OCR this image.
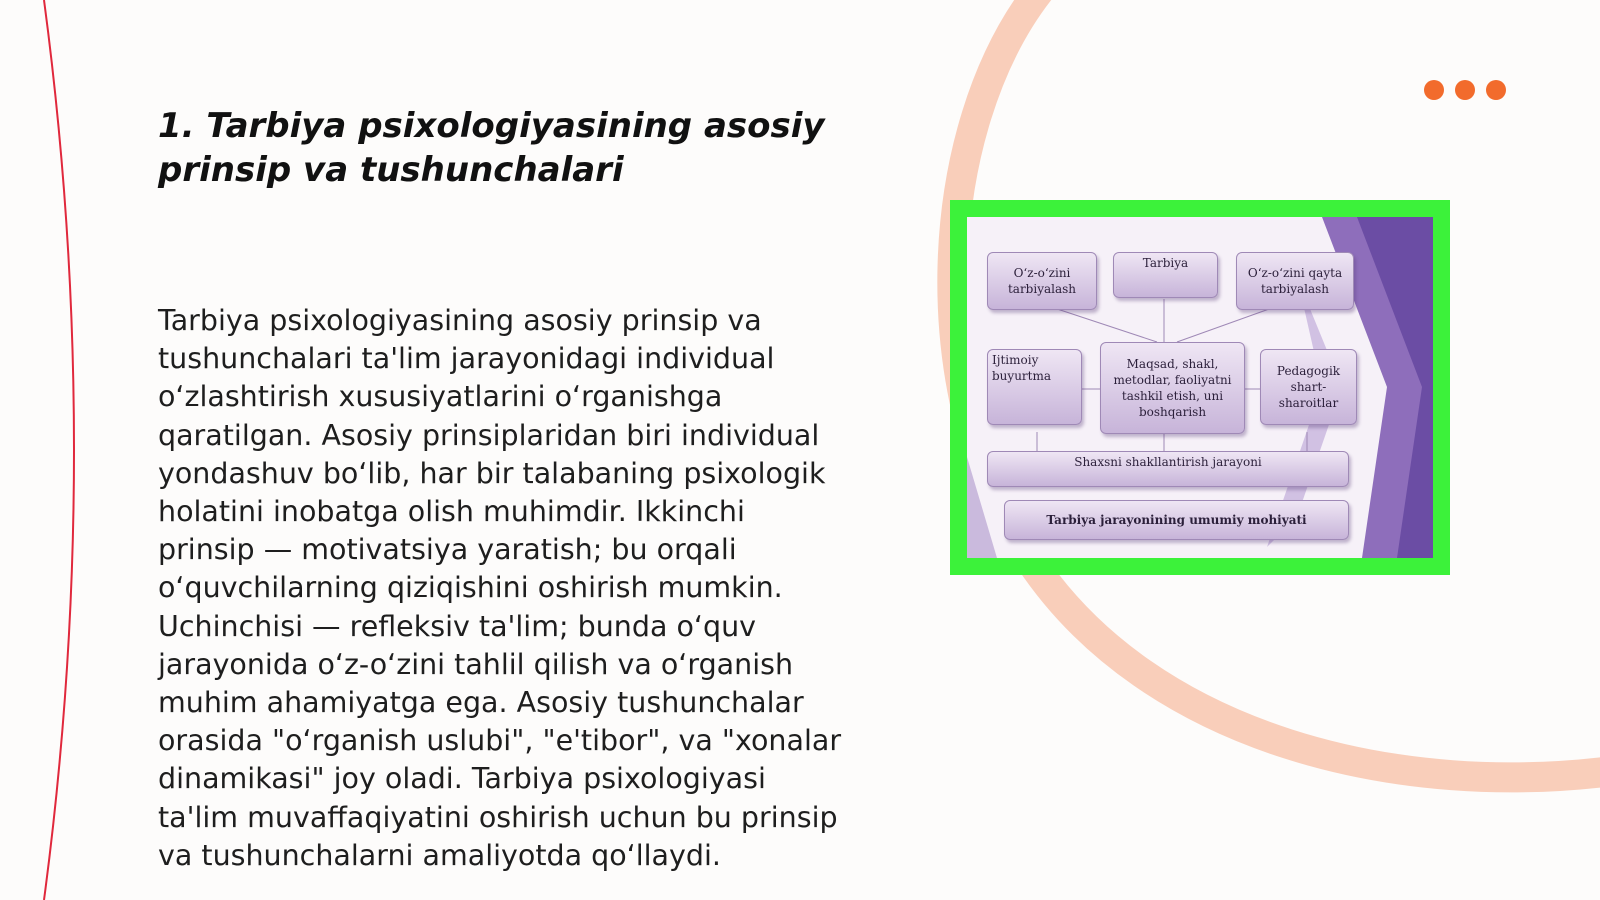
1. Tarbiya psixologiyasining asosiy prinsip va tushunchalari

Tarbiya psixologiyasining asosiy prinsip va tushunchalari ta'lim jarayonidagi individual oʻzlashtirish xususiyatlarini oʻrganishga qaratilgan. Asosiy prinsiplaridan biri individual yondashuv boʻlib, har bir talabaning psixologik holatini inobatga olish muhimdir. Ikkinchi prinsip — motivatsiya yaratish; bu orqali oʻquvchilarning qiziqishini oshirish mumkin. Uchinchisi — refleksiv ta'lim; bunda oʻquv jarayonida oʻz-oʻzini tahlil qilish va oʻrganish muhim ahamiyatga ega. Asosiy tushunchalar orasida "oʻrganish uslubi", "e'tibor", va "xonalar dinamikasi" joy oladi. Tarbiya psixologiyasi ta'lim muvaffaqiyatini oshirish uchun bu prinsip va tushunchalarni amaliyotda qoʻllaydi.

Oʻz-oʻzini tarbiyalash
Tarbiya
Oʻz-oʻzini qayta tarbiyalash
Ijtimoiy buyurtma
Maqsad, shakl, metodlar, faoliyatni tashkil etish, uni boshqarish
Pedagogik shart-sharoitlar
Shaxsni shakllantirish jarayoni
Tarbiya jarayonining umumiy mohiyati
